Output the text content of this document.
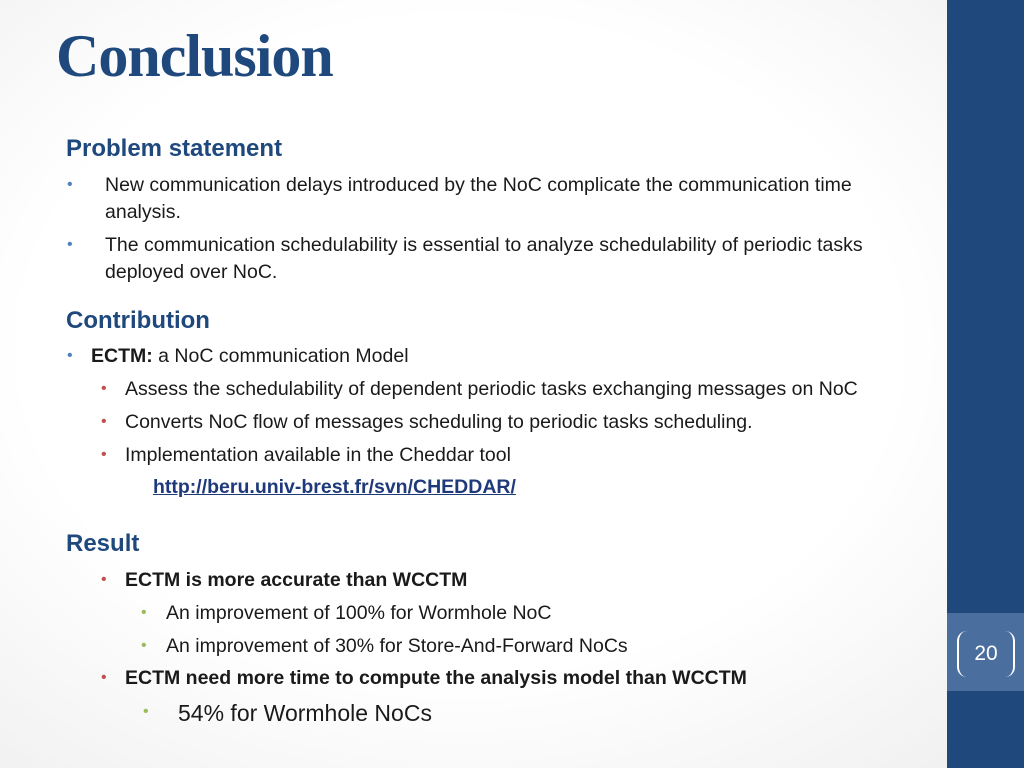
20
Conclusion
Problem statement
• New communication delays introduced by the NoC complicate the communication time
analysis.
• The communication schedulability is essential to analyze schedulability of periodic tasks
deployed over NoC.
Contribution
• ECTM: a NoC communication Model
• Assess the schedulability of dependent periodic tasks exchanging messages on NoC
• Converts NoC flow of messages scheduling to periodic tasks scheduling.
• Implementation available in the Cheddar tool
http://beru.univ-brest.fr/svn/CHEDDAR/
Result
• ECTM is more accurate than WCCTM
• An improvement of 100% for Wormhole NoC
• An improvement of 30% for Store-And-Forward NoCs
• ECTM need more time to compute the analysis model than WCCTM
• 54% for Wormhole NoCs
